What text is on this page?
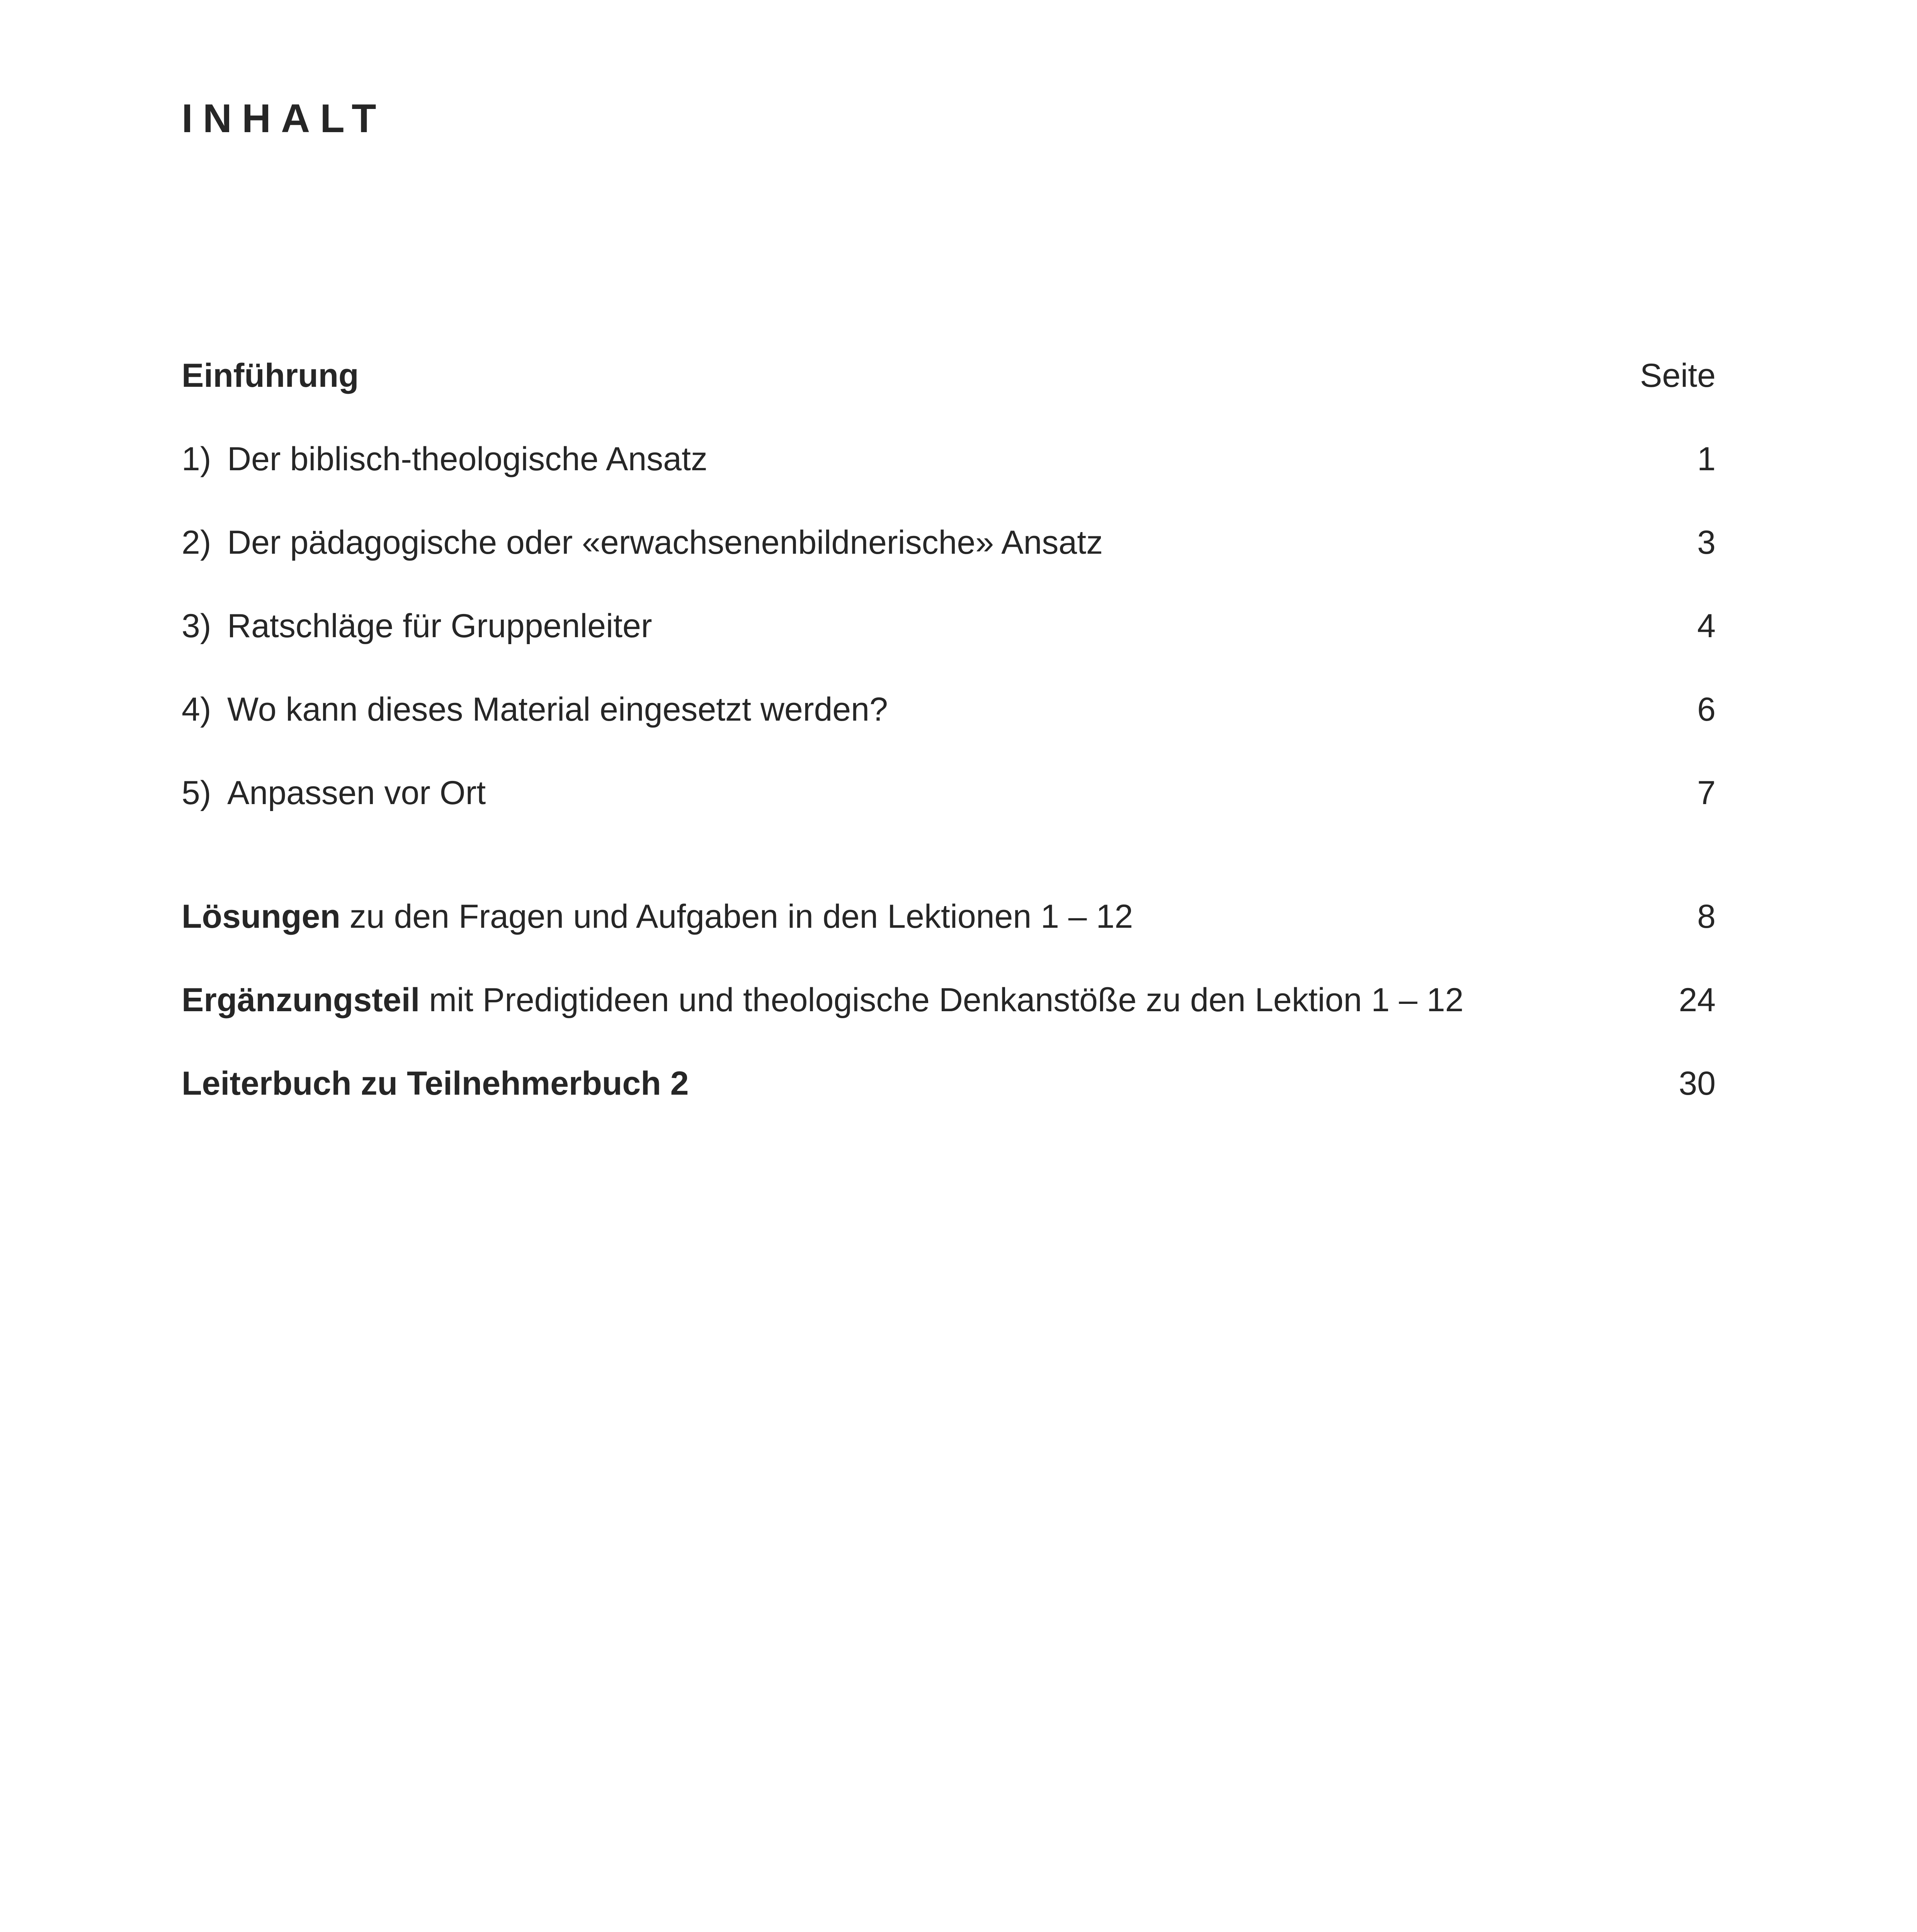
INHALT
Einführung	Seite
1) Der biblisch-theologische Ansatz	1
2) Der pädagogische oder «erwachsenenbildnerische» Ansatz	3
3) Ratschläge für Gruppenleiter	4
4) Wo kann dieses Material eingesetzt werden?	6
5) Anpassen vor Ort	7
Lösungen zu den Fragen und Aufgaben in den Lektionen 1 – 12	8
Ergänzungsteil mit Predigtideen und theologische Denkanstöße zu den Lektion 1 – 12	24
Leiterbuch zu Teilnehmerbuch 2	30
